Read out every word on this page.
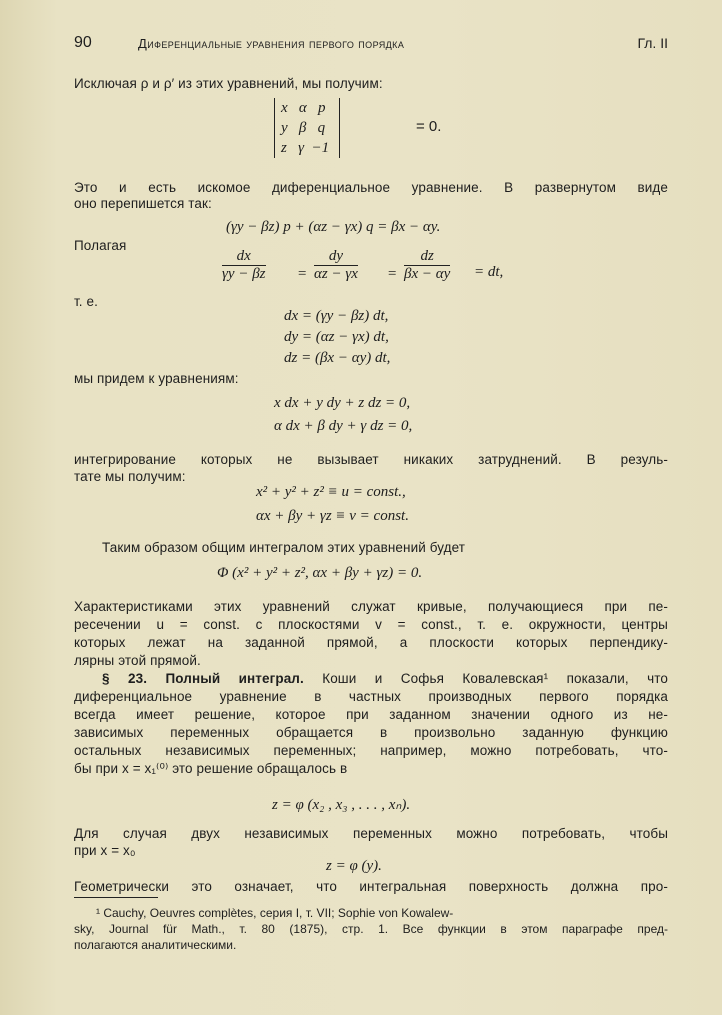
90	Диференциальные уравнения первого порядка	Гл. II
Исключая ρ и ρ′ из этих уравнений, мы получим:
x α p
y β q
z γ −1
= 0.
Это и есть искомое диференциальное уравнение. В развернутом виде
оно перепишется так:
(γy − βz) p + (αz − γx) q = βx − αy.
Полагая
$\frac{dx}{\gamma y - \beta z} = \frac{dy}{\alpha z - \gamma x} = \frac{dz}{\beta x - \alpha y}$ = dt,
т. е.
dx = (γy − βz) dt,
dy = (αz − γx) dt,
dz = (βx − αy) dt,
мы придем к уравнениям:
x dx + y dy + z dz = 0,
α dx + β dy + γ dz = 0,
интегрирование которых не вызывает никаких затруднений. В резуль-
тате мы получим:
x² + y² + z² ≡ u = const.,
αx + βy + γz ≡ v = const.
Таким образом общим интегралом этих уравнений будет
Φ (x² + y² + z², αx + βy + γz) = 0.
Характеристиками этих уравнений служат кривые, получающиеся при пе-
ресечении u = const. с плоскостями v = const., т. е. окружности, центры
которых лежат на заданной прямой, а плоскости которых перпендику-
лярны этой прямой.
§ 23. Полный интеграл. Коши и Софья Ковалевская¹ показали, что
диференциальное уравнение в частных производных первого порядка
всегда имеет решение, которое при заданном значении одного из не-
зависимых переменных обращается в произвольно заданную функцию
остальных независимых переменных; например, можно потребовать, что-
бы при x = x₁⁽⁰⁾ это решение обращалось в
z = φ (x₂ , x₃ , . . . , xₙ).
Для случая двух независимых переменных можно потребовать, чтобы
при x = x₀
z = φ (y).
Геометрически это означает, что интегральная поверхность должна про-
¹ Cauchy, Oeuvres complètes, серия I, т. VII; Sophie von Kowalew-
sky, Journal für Math., т. 80 (1875), стр. 1. Все функции в этом параграфе пред-
полагаются аналитическими.
